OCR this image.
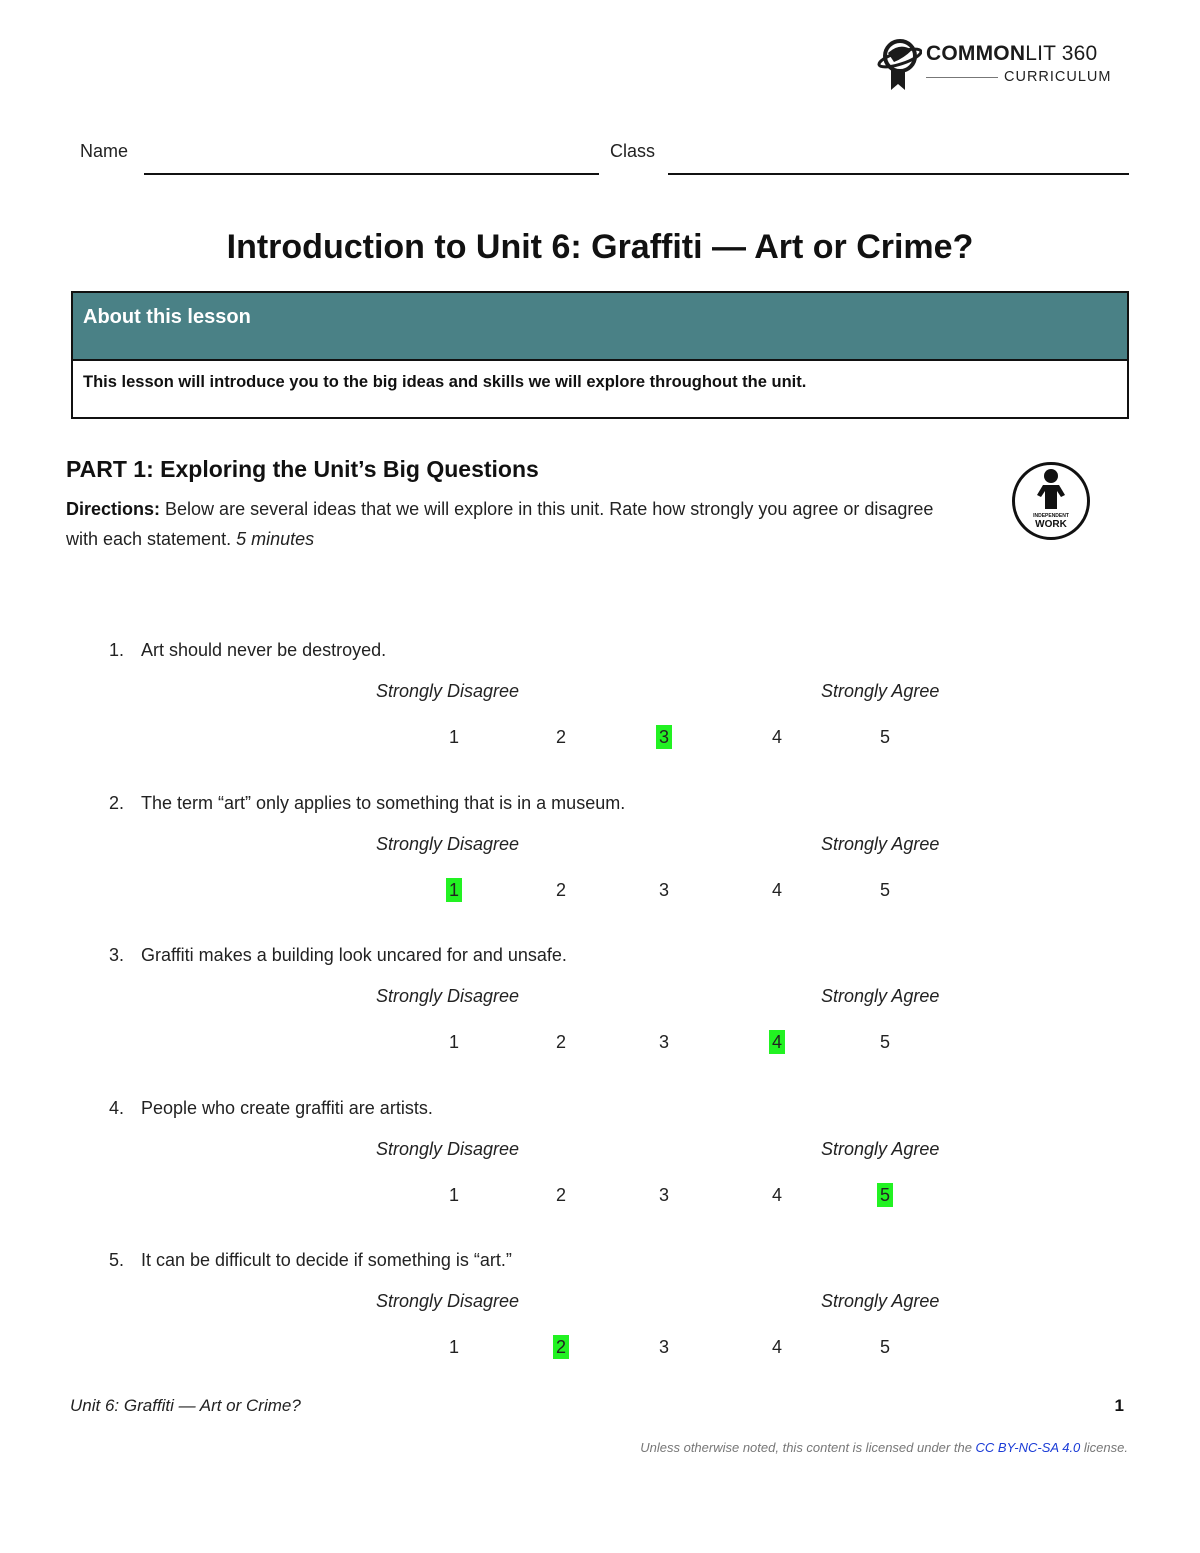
COMMONLIT 360
CURRICULUM
Name	Class
Introduction to Unit 6: Graffiti — Art or Crime?
About this lesson
This lesson will introduce you to the big ideas and skills we will explore throughout the unit.
PART 1: Exploring the Unit’s Big Questions
Directions: Below are several ideas that we will explore in this unit. Rate how strongly you agree or disagree with each statement. 5 minutes
INDEPENDENT
WORK
1. Art should never be destroyed.
Strongly Disagree	Strongly Agree
1	2	3	4	5
2. The term “art” only applies to something that is in a museum.
Strongly Disagree	Strongly Agree
1	2	3	4	5
3. Graffiti makes a building look uncared for and unsafe.
Strongly Disagree	Strongly Agree
1	2	3	4	5
4. People who create graffiti are artists.
Strongly Disagree	Strongly Agree
1	2	3	4	5
5. It can be difficult to decide if something is “art.”
Strongly Disagree	Strongly Agree
1	2	3	4	5
Unit 6: Graffiti — Art or Crime?	1
Unless otherwise noted, this content is licensed under the CC BY-NC-SA 4.0 license.
